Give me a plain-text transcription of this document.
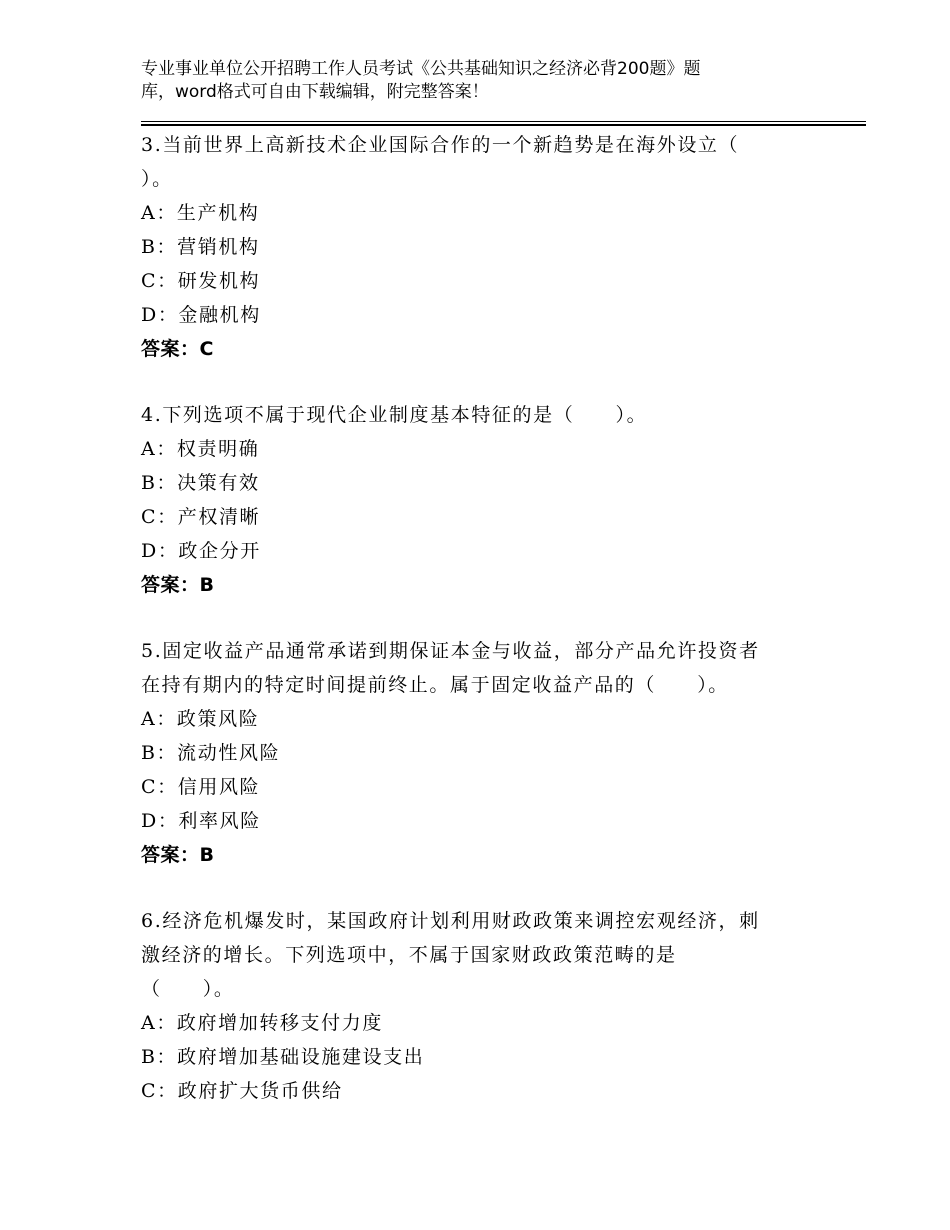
专业事业单位公开招聘工作人员考试《公共基础知识之经济必背200题》题
库，word格式可自由下载编辑，附完整答案！
3.当前世界上高新技术企业国际合作的一个新趋势是在海外设立（
）。
A：生产机构
B：营销机构
C：研发机构
D：金融机构
答案：C
4.下列选项不属于现代企业制度基本特征的是（　　）。
A：权责明确
B：决策有效
C：产权清晰
D：政企分开
答案：B
5.固定收益产品通常承诺到期保证本金与收益，部分产品允许投资者
在持有期内的特定时间提前终止。属于固定收益产品的（　　）。
A：政策风险
B：流动性风险
C：信用风险
D：利率风险
答案：B
6.经济危机爆发时，某国政府计划利用财政政策来调控宏观经济，刺
激经济的增长。下列选项中，不属于国家财政政策范畴的是
（　　）。
A：政府增加转移支付力度
B：政府增加基础设施建设支出
C：政府扩大货币供给
